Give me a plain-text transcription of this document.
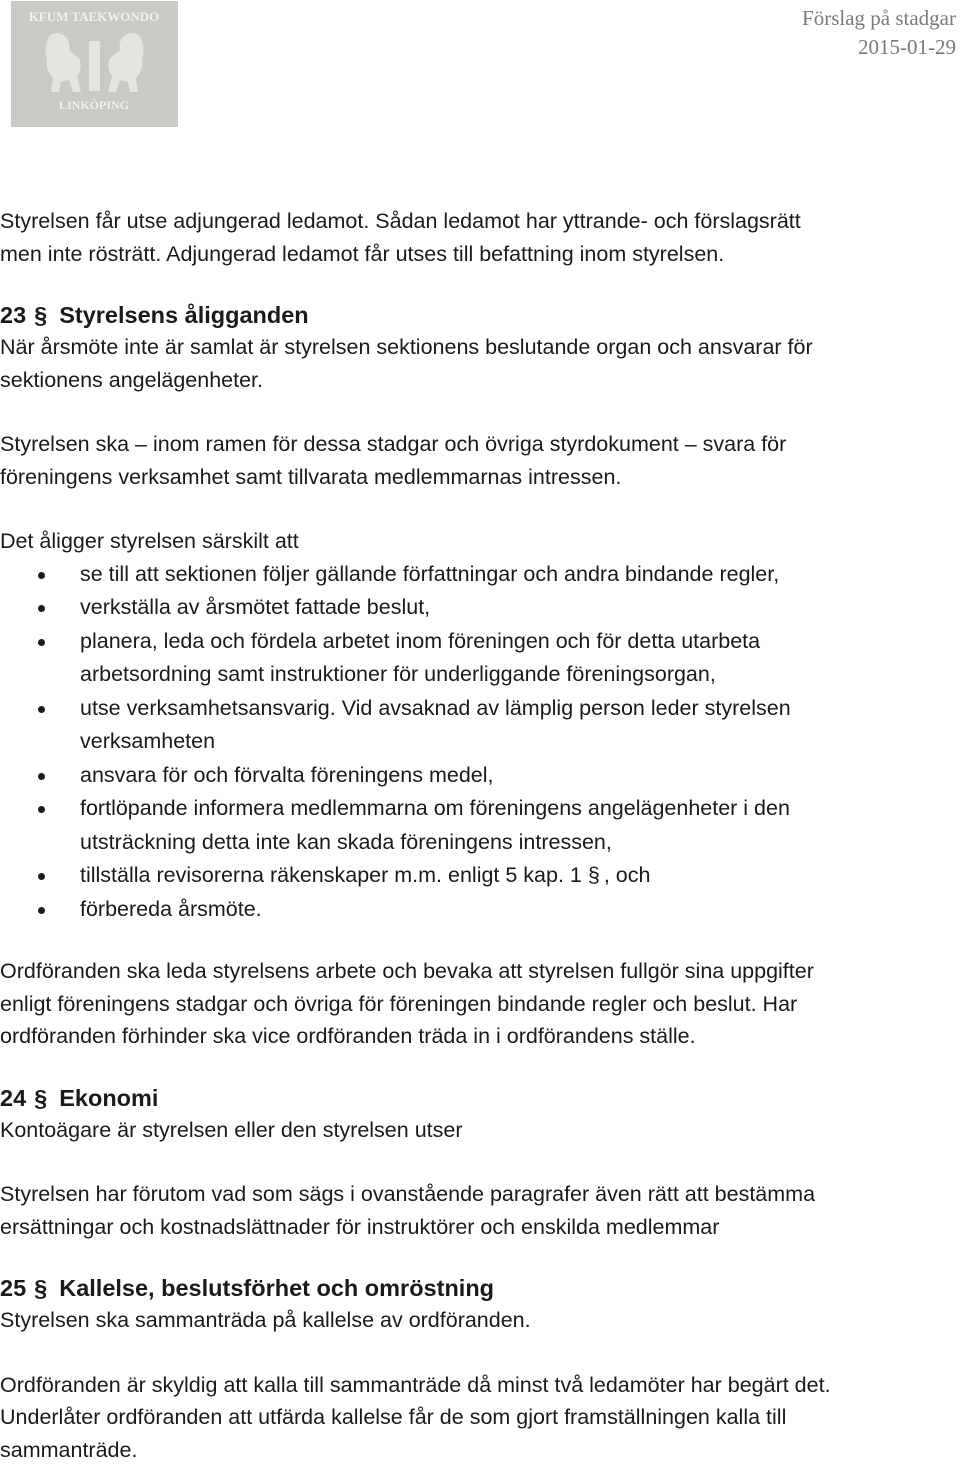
KFUM TAEKWONDO
LINKÖPING
Förslag på stadgar
2015-01-29

Styrelsen får utse adjungerad ledamot. Sådan ledamot har yttrande- och förslagsrätt

men inte rösträtt. Adjungerad ledamot får utses till befattning inom styrelsen.

23 § Styrelsens åligganden

När årsmöte inte är samlat är styrelsen sektionens beslutande organ och ansvarar för

sektionens angelägenheter.

Styrelsen ska – inom ramen för dessa stadgar och övriga styrdokument – svara för

föreningens verksamhet samt tillvarata medlemmarnas intressen.

Det åligger styrelsen särskilt att

se till att sektionen följer gällande författningar och andra bindande regler,
verkställa av årsmötet fattade beslut,
planera, leda och fördela arbetet inom föreningen och för detta utarbeta
arbetsordning samt instruktioner för underliggande föreningsorgan,
utse verksamhetsansvarig. Vid avsaknad av lämplig person leder styrelsen
verksamheten
ansvara för och förvalta föreningens medel,
fortlöpande informera medlemmarna om föreningens angelägenheter i den
utsträckning detta inte kan skada föreningens intressen,
tillställa revisorerna räkenskaper m.m. enligt 5 kap. 1 § , och
förbereda årsmöte.

Ordföranden ska leda styrelsens arbete och bevaka att styrelsen fullgör sina uppgifter

enligt föreningens stadgar och övriga för föreningen bindande regler och beslut. Har

ordföranden förhinder ska vice ordföranden träda in i ordförandens ställe.

24 § Ekonomi

Kontoägare är styrelsen eller den styrelsen utser

Styrelsen har förutom vad som sägs i ovanstående paragrafer även rätt att bestämma

ersättningar och kostnadslättnader för instruktörer och enskilda medlemmar

25 § Kallelse, beslutsförhet och omröstning

Styrelsen ska sammanträda på kallelse av ordföranden.

Ordföranden är skyldig att kalla till sammanträde då minst två ledamöter har begärt det.

Underlåter ordföranden att utfärda kallelse får de som gjort framställningen kalla till

sammanträde.
